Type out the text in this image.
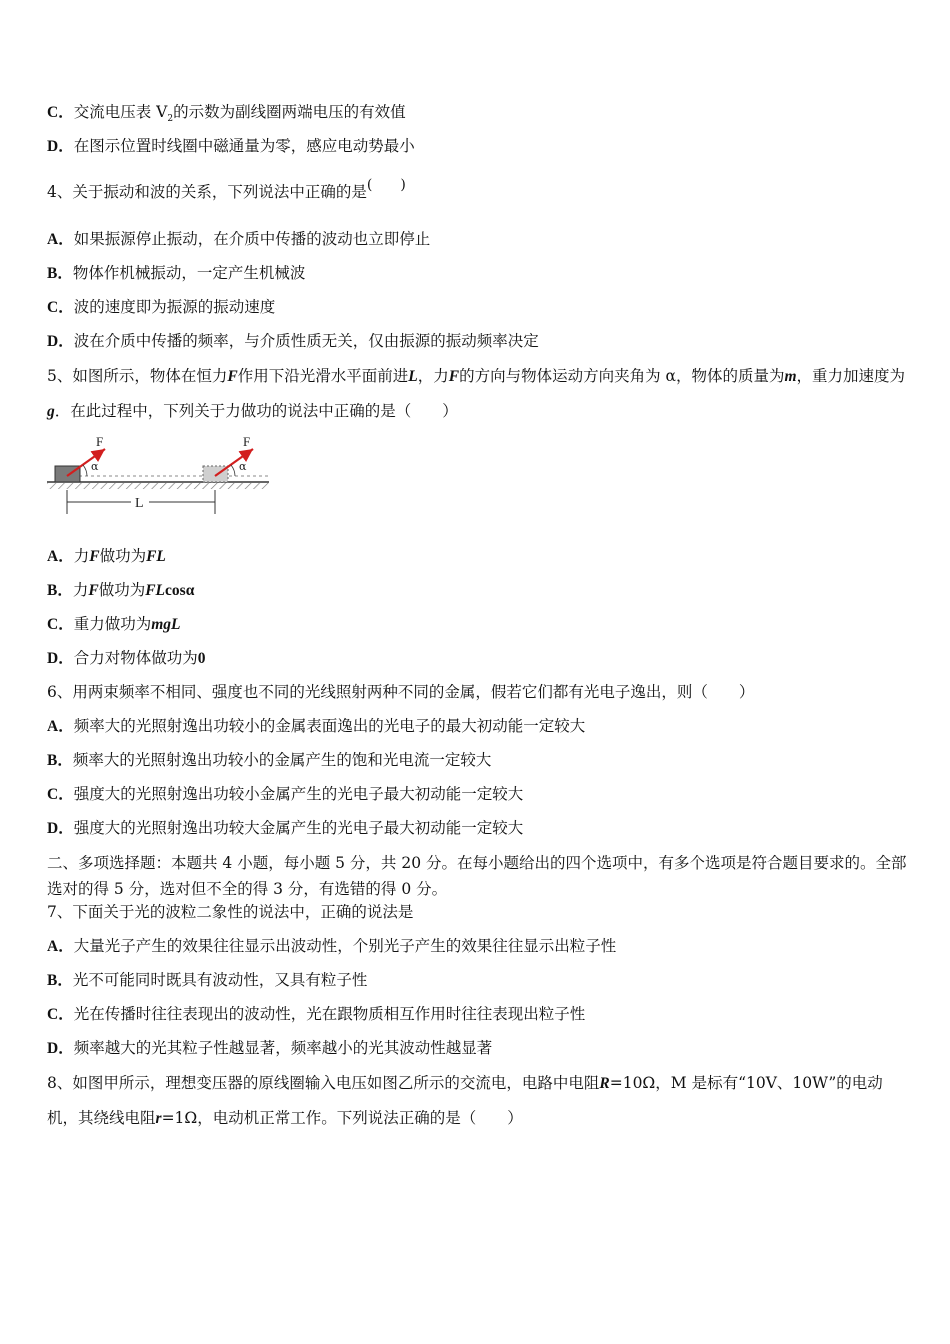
C．交流电压表 $V_2$的示数为副线圈两端电压的有效值
D．在图示位置时线圈中磁通量为零，感应电动势最小
4、关于振动和波的关系，下列说法中正确的是 (　　)
A．如果振源停止振动，在介质中传播的波动也立即停止
B．物体作机械振动，一定产生机械波
C．波的速度即为振源的振动速度
D．波在介质中传播的频率，与介质性质无关，仅由振源的振动频率决定
5、如图所示，物体在恒力F作用下沿光滑水平面前进L，力F的方向与物体运动方向夹角为 α，物体的质量为m，重力加速度为g．在此过程中，下列关于力做功的说法中正确的是（　　）
F	F
α	α
L
A．力F做功为FL
B．力F做功为FLcosα
C．重力做功为mgL
D．合力对物体做功为0
6、用两束频率不相同、强度也不同的光线照射两种不同的金属，假若它们都有光电子逸出，则（　　）
A．频率大的光照射逸出功较小的金属表面逸出的光电子的最大初动能一定较大
B．频率大的光照射逸出功较小的金属产生的饱和光电流一定较大
C．强度大的光照射逸出功较小金属产生的光电子最大初动能一定较大
D．强度大的光照射逸出功较大金属产生的光电子最大初动能一定较大
二、多项选择题：本题共 4 小题，每小题 5 分，共 20 分。在每小题给出的四个选项中，有多个选项是符合题目要求的。全部选对的得 5 分，选对但不全的得 3 分，有选错的得 0 分。
7、下面关于光的波粒二象性的说法中，正确的说法是
A．大量光子产生的效果往往显示出波动性，个别光子产生的效果往往显示出粒子性
B．光不可能同时既具有波动性，又具有粒子性
C．光在传播时往往表现出的波动性，光在跟物质相互作用时往往表现出粒子性
D．频率越大的光其粒子性越显著，频率越小的光其波动性越显著
8、如图甲所示，理想变压器的原线圈输入电压如图乙所示的交流电，电路中电阻R=10Ω，M 是标有“10V、10W”的电动机，其绕线电阻r=1Ω，电动机正常工作。下列说法正确的是（　　）
